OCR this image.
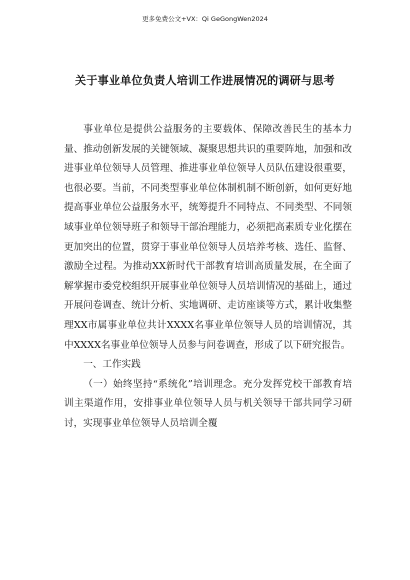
更多免费公文+VX：Qi GeGongWen2024
关于事业单位负责人培训工作进展情况的调研与思考

事业单位是提供公益服务的主要载体、保障改善民生的基本力量、推动创新发展的关键领域、凝聚思想共识的重要阵地，加强和改进事业单位领导人员管理、推进事业单位领导人员队伍建设很重要，也很必要。当前，不同类型事业单位体制机制不断创新，如何更好地提高事业单位公益服务水平，统筹提升不同特点、不同类型、不同领域事业单位领导班子和领导干部治理能力，必须把高素质专业化摆在更加突出的位置，贯穿于事业单位领导人员培养考核、选任、监督、激励全过程。为推动XX新时代干部教育培训高质量发展，在全面了解掌握市委党校组织开展事业单位领导人员培训情况的基础上，通过开展问卷调查、统计分析、实地调研、走访座谈等方式，累计收集整理XX市属事业单位共计XXXX名事业单位领导人员的培训情况，其中XXXX名事业单位领导人员参与问卷调查，形成了以下研究报告。

一、工作实践

（一）始终坚持“系统化”培训理念。充分发挥党校干部教育培训主渠道作用，安排事业单位领导人员与机关领导干部共同学习研讨，实现事业单位领导人员培训全覆
